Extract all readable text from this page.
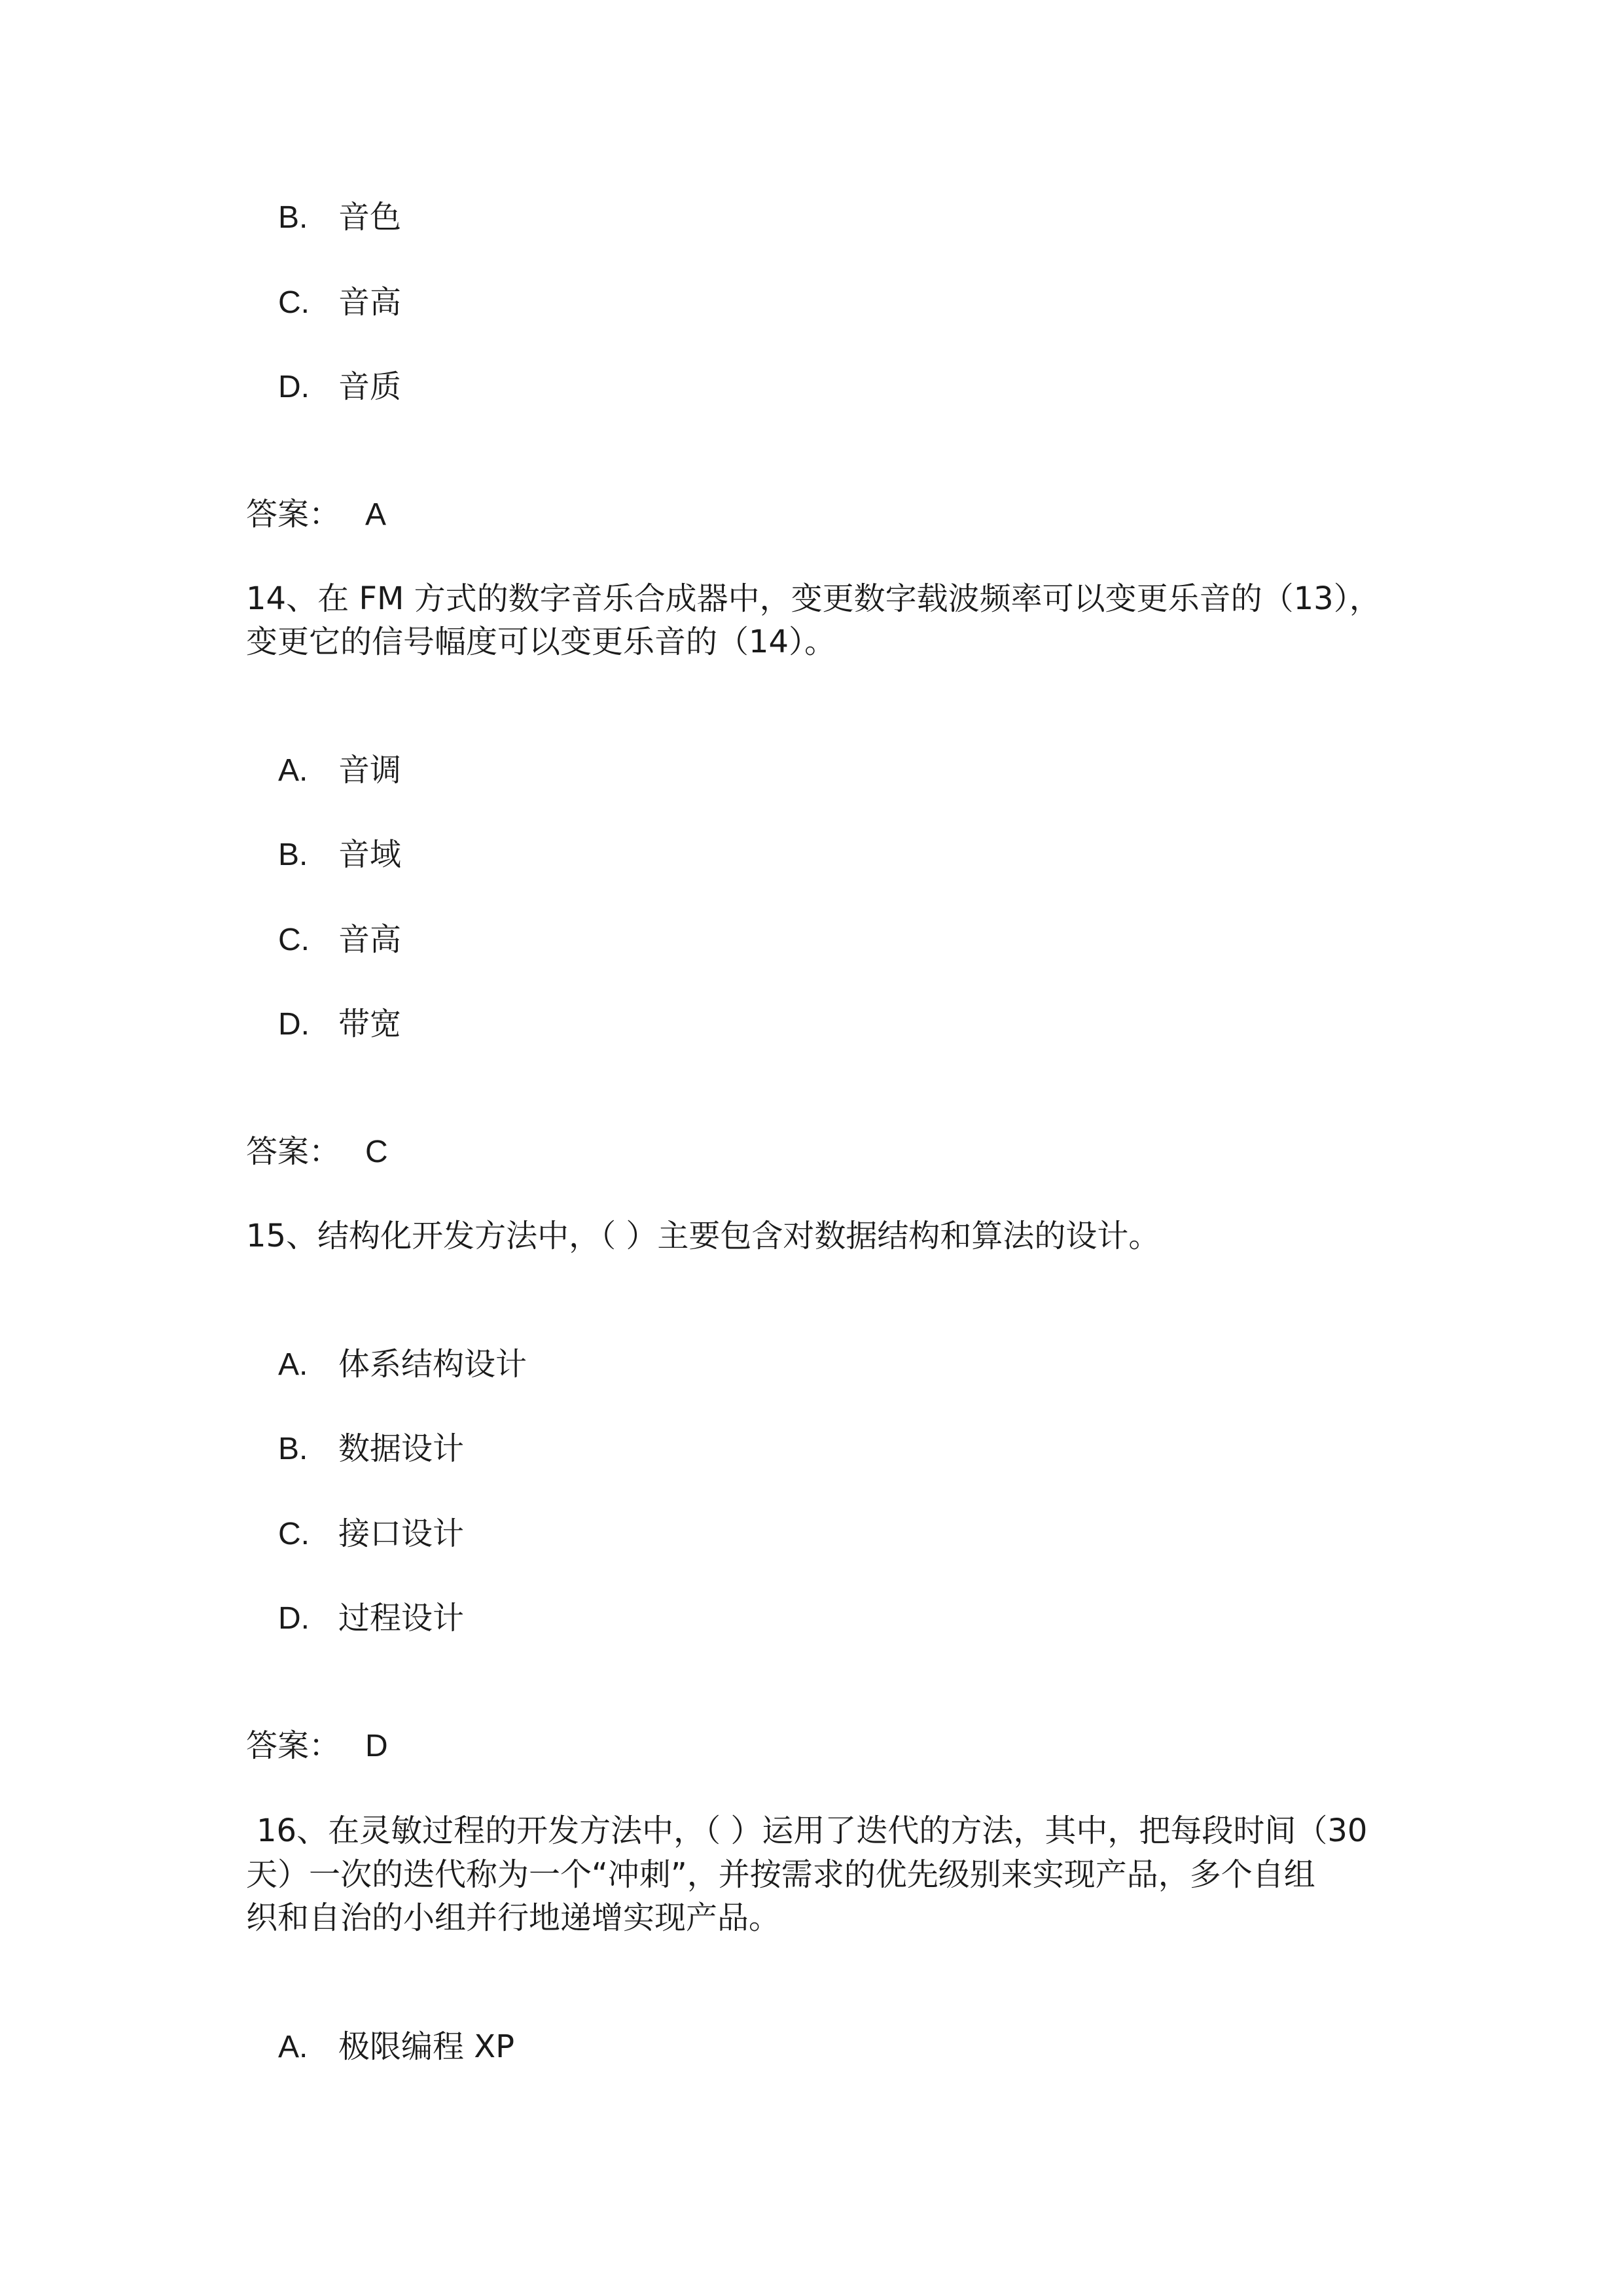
B. 音色
C. 音高
D. 音质
答案： A
14、在 FM 方式的数字音乐合成器中，变更数字载波频率可以变更乐音的（13），
变更它的信号幅度可以变更乐音的（14）。
A. 音调
B. 音域
C. 音高
D. 带宽
答案： C
15、结构化开发方法中，（ ）主要包含对数据结构和算法的设计。
A. 体系结构设计
B. 数据设计
C. 接口设计
D. 过程设计
答案： D
16、在灵敏过程的开发方法中，（ ）运用了迭代的方法，其中，把每段时间（30
天）一次的迭代称为一个“冲刺”，并按需求的优先级别来实现产品，多个自组
织和自治的小组并行地递增实现产品。
A. 极限编程 XP
